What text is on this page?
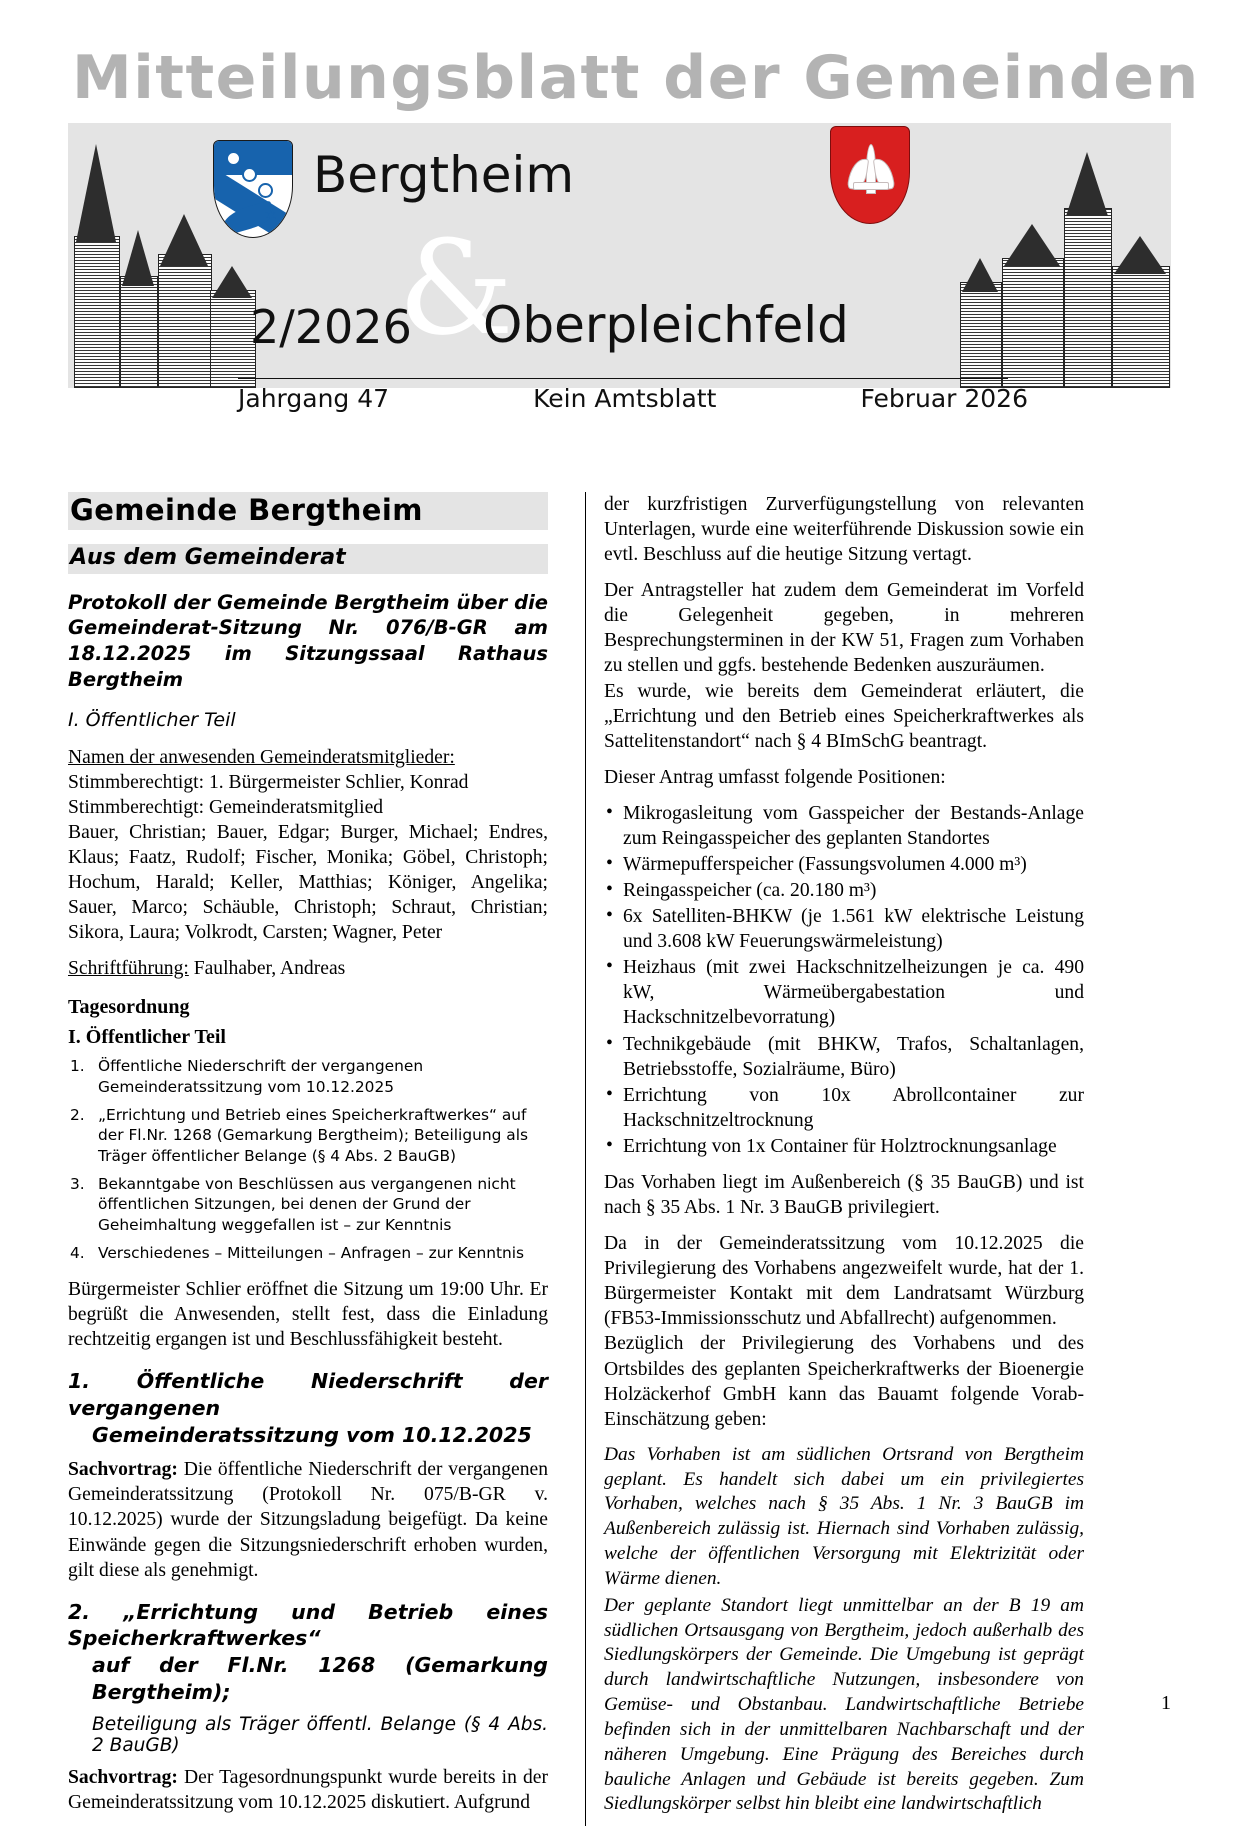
Mitteilungsblatt der Gemeinden
✶
Bergtheim
&
Oberpleichfeld
2/2026
Jahrgang 47	Kein Amtsblatt	Februar 2026
Gemeinde Bergtheim
Aus dem Gemeinderat
Protokoll der Gemeinde Bergtheim über die Gemeinderat-Sitzung Nr. 076/B-GR am 18.12.2025 im Sitzungssaal Rathaus Bergtheim
I. Öffentlicher Teil

Namen der anwesenden Gemeinderatsmitglieder:

Stimmberechtigt: 1. Bürgermeister Schlier, Konrad

Stimmberechtigt: Gemeinderatsmitglied

Bauer, Christian; Bauer, Edgar; Burger, Michael; Endres, Klaus; Faatz, Rudolf; Fischer, Monika; Göbel, Christoph; Hochum, Harald; Keller, Matthias; Königer, Angelika; Sauer, Marco; Schäuble, Christoph; Schraut, Christian; Sikora, Laura; Volkrodt, Carsten; Wagner, Peter

Schriftführung: Faulhaber, Andreas

Tagesordnung
I. Öffentlicher Teil
1. Öffentliche Niederschrift der vergangenen Gemeinderatssitzung vom 10.12.2025
2. „Errichtung und Betrieb eines Speicherkraftwerkes“ auf der Fl.Nr. 1268 (Gemarkung Bergtheim); Beteiligung als Träger öffentlicher Belange (§ 4 Abs. 2 BauGB)
3. Bekanntgabe von Beschlüssen aus vergangenen nicht öffentlichen Sitzungen, bei denen der Grund der Geheimhaltung weggefallen ist – zur Kenntnis
4. Verschiedenes – Mitteilungen – Anfragen – zur Kenntnis

Bürgermeister Schlier eröffnet die Sitzung um 19:00 Uhr. Er begrüßt die Anwesenden, stellt fest, dass die Einladung rechtzeitig ergangen ist und Beschlussfähigkeit besteht.

1. Öffentliche Niederschrift der vergangenen
Gemeinderatssitzung vom 10.12.2025

Sachvortrag: Die öffentliche Niederschrift der vergangenen Gemeinderatssitzung (Protokoll Nr. 075/B-GR v. 10.12.2025) wurde der Sitzungsladung beigefügt. Da keine Einwände gegen die Sitzungsniederschrift erhoben wurden, gilt diese als genehmigt.

2. „Errichtung und Betrieb eines Speicherkraftwerkes“
auf der Fl.Nr. 1268 (Gemarkung Bergtheim);

Beteiligung als Träger öffentl. Belange (§ 4 Abs. 2 BauGB)

Sachvortrag: Der Tagesordnungspunkt wurde bereits in der Gemeinderatssitzung vom 10.12.2025 diskutiert. Aufgrund

der kurzfristigen Zurverfügungstellung von relevanten Unterlagen, wurde eine weiterführende Diskussion sowie ein evtl. Beschluss auf die heutige Sitzung vertagt.

Der Antragsteller hat zudem dem Gemeinderat im Vorfeld die Gelegenheit gegeben, in mehreren Besprechungsterminen in der KW 51, Fragen zum Vorhaben zu stellen und ggfs. bestehende Bedenken auszuräumen.

Es wurde, wie bereits dem Gemeinderat erläutert, die „Errichtung und den Betrieb eines Speicherkraftwerkes als Sattelitenstandort“ nach § 4 BImSchG beantragt.

Dieser Antrag umfasst folgende Positionen:

• Mikrogasleitung vom Gasspeicher der Bestands-Anlage zum Reingasspeicher des geplanten Standortes
• Wärmepufferspeicher (Fassungsvolumen 4.000 m³)
• Reingasspeicher (ca. 20.180 m³)
• 6x Satelliten-BHKW (je 1.561 kW elektrische Leistung und 3.608 kW Feuerungswärmeleistung)
• Heizhaus (mit zwei Hackschnitzelheizungen je ca. 490 kW, Wärmeübergabestation und Hackschnitzelbevorratung)
• Technikgebäude (mit BHKW, Trafos, Schaltanlagen, Betriebsstoffe, Sozialräume, Büro)
• Errichtung von 10x Abrollcontainer zur Hackschnitzeltrocknung
• Errichtung von 1x Container für Holztrocknungsanlage

Das Vorhaben liegt im Außenbereich (§ 35 BauGB) und ist nach § 35 Abs. 1 Nr. 3 BauGB privilegiert.

Da in der Gemeinderatssitzung vom 10.12.2025 die Privilegierung des Vorhabens angezweifelt wurde, hat der 1. Bürgermeister Kontakt mit dem Landratsamt Würzburg (FB53-Immissionsschutz und Abfallrecht) aufgenommen.

Bezüglich der Privilegierung des Vorhabens und des Ortsbildes des geplanten Speicherkraftwerks der Bioenergie Holzäckerhof GmbH kann das Bauamt folgende Vorab-Einschätzung geben:

Das Vorhaben ist am südlichen Ortsrand von Bergtheim geplant. Es handelt sich dabei um ein privilegiertes Vorhaben, welches nach § 35 Abs. 1 Nr. 3 BauGB im Außenbereich zulässig ist. Hiernach sind Vorhaben zulässig, welche der öffentlichen Versorgung mit Elektrizität oder Wärme dienen.

Der geplante Standort liegt unmittelbar an der B 19 am südlichen Ortsausgang von Bergtheim, jedoch außerhalb des Siedlungskörpers der Gemeinde. Die Umgebung ist geprägt durch landwirtschaftliche Nutzungen, insbesondere von Gemüse- und Obstanbau. Landwirtschaftliche Betriebe befinden sich in der unmittelbaren Nachbarschaft und der näheren Umgebung. Eine Prägung des Bereiches durch bauliche Anlagen und Gebäude ist bereits gegeben. Zum Siedlungskörper selbst hin bleibt eine landwirtschaftlich

1
